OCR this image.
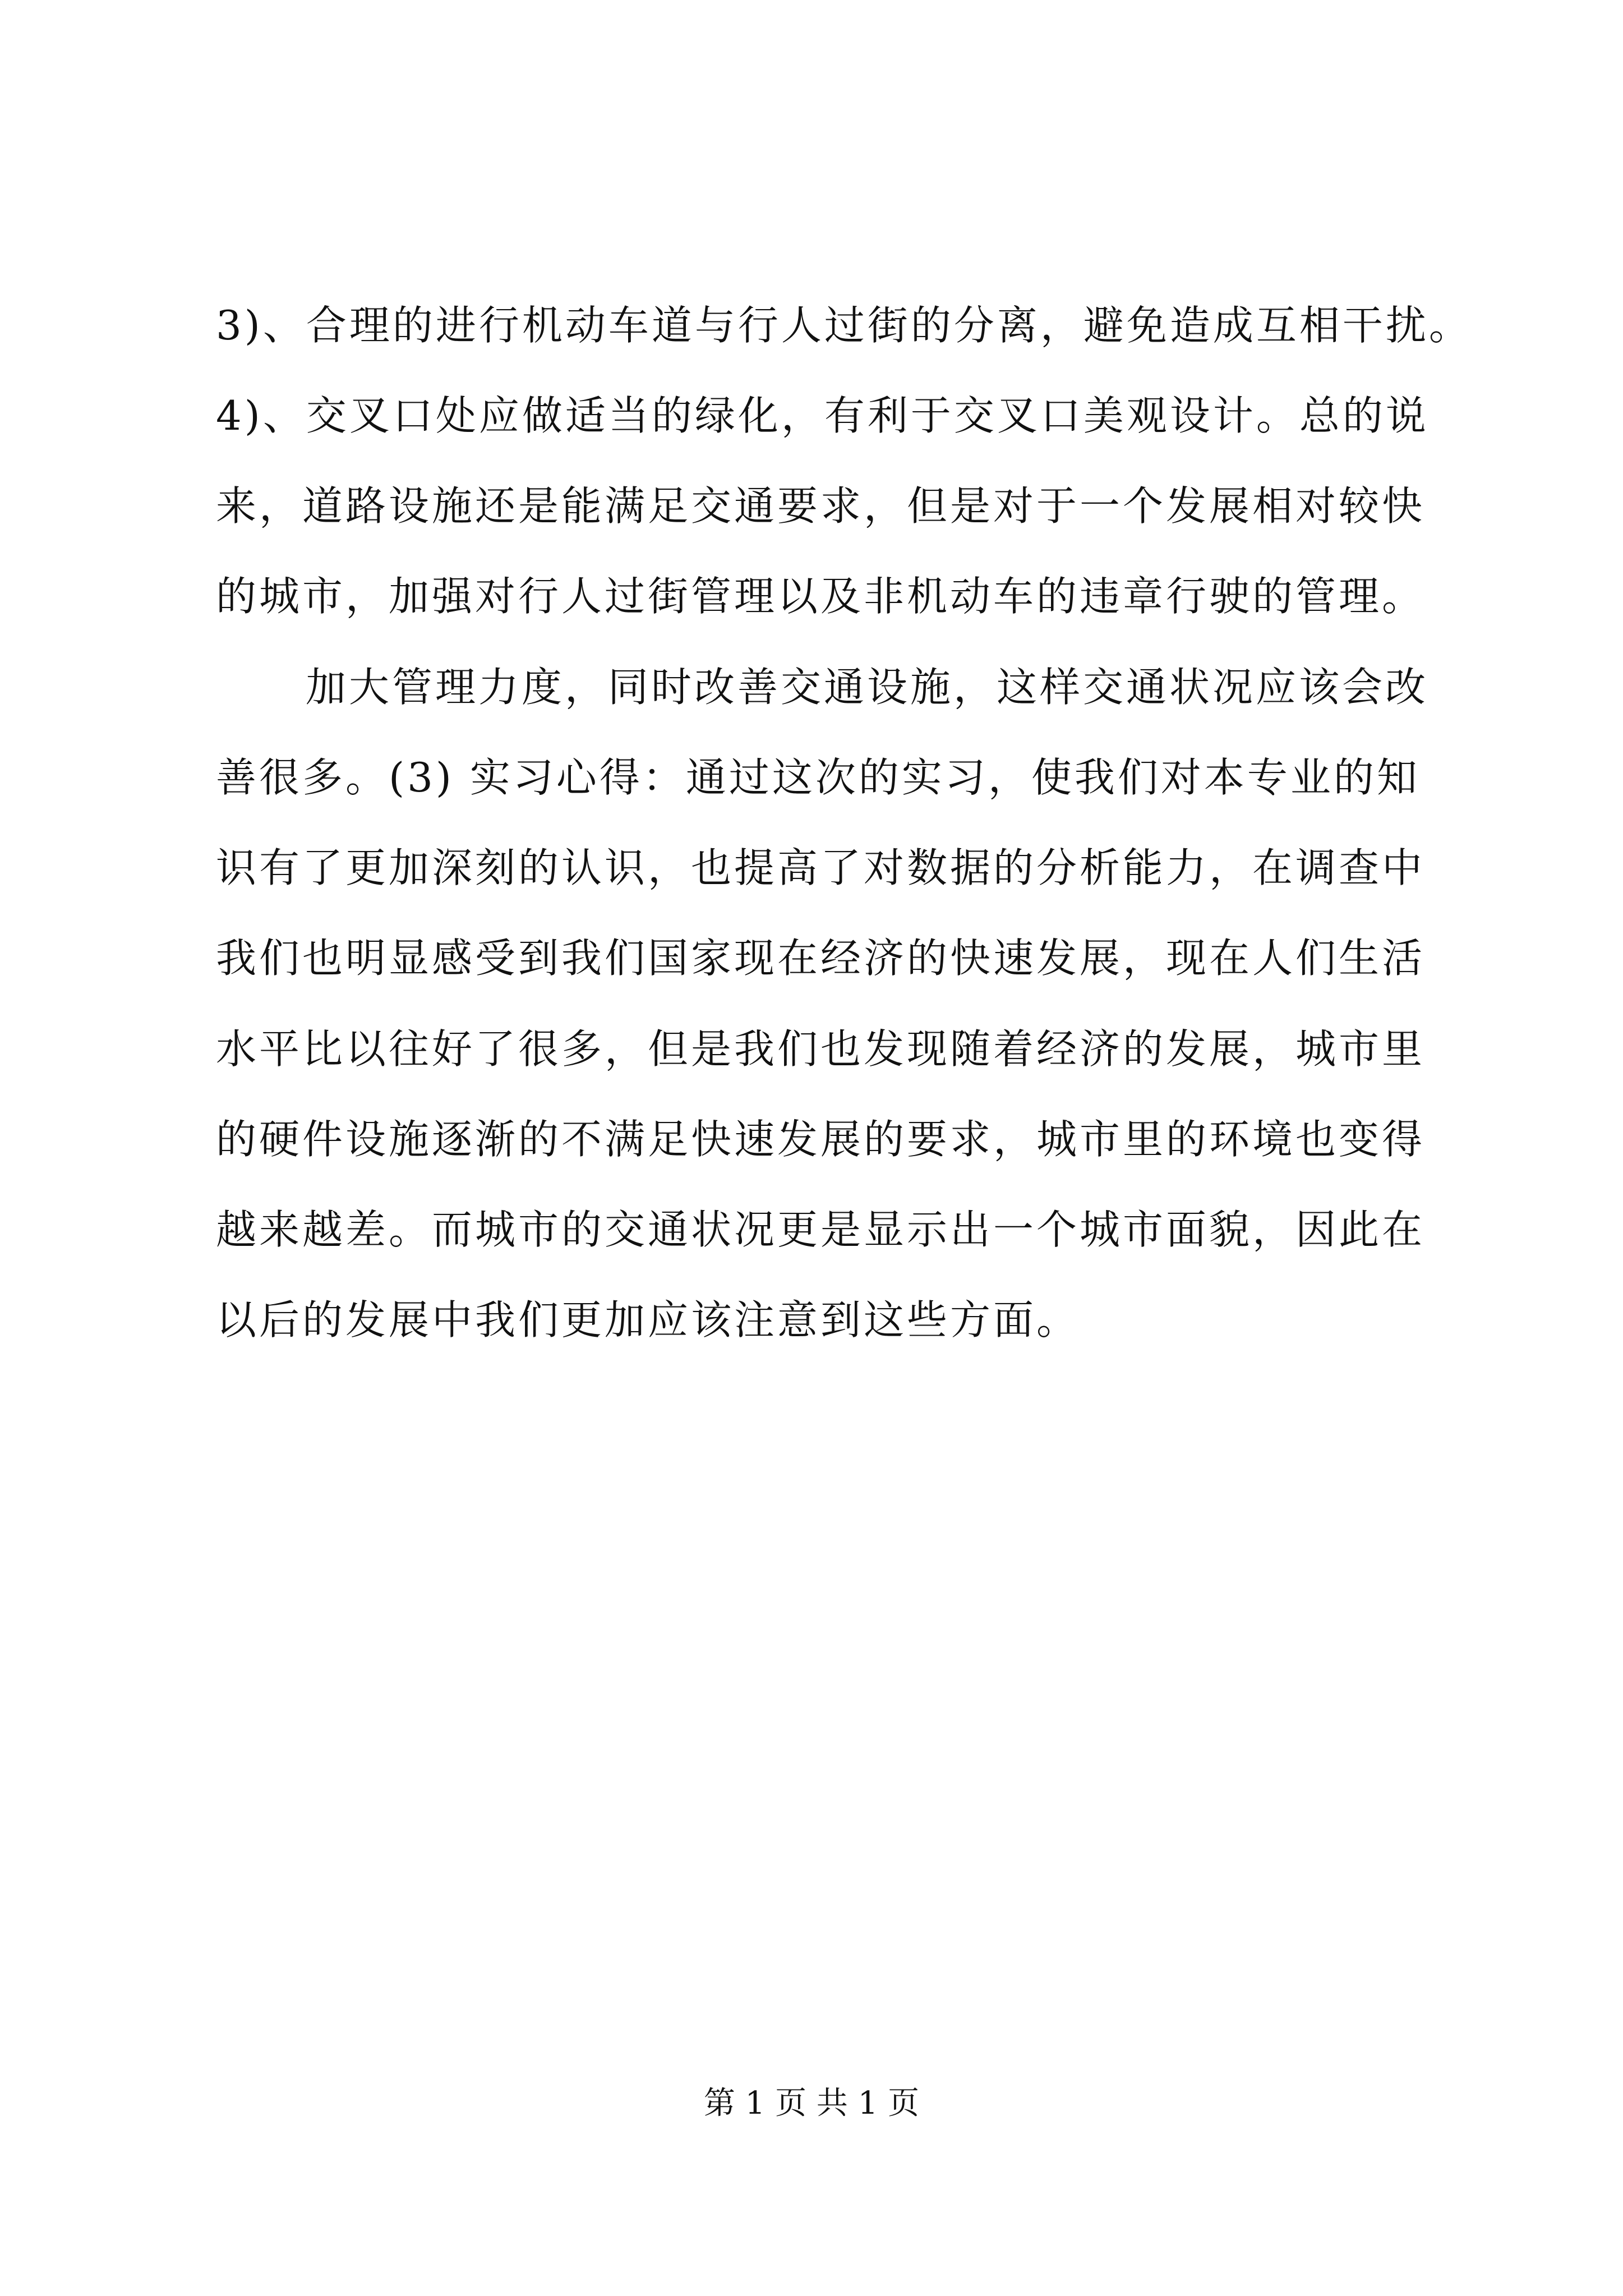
3)、合理的进行机动车道与行人过街的分离，避免造成互相干扰。
4)、交叉口处应做适当的绿化，有利于交叉口美观设计。总的说
来，道路设施还是能满足交通要求，但是对于一个发展相对较快
的城市，加强对行人过街管理以及非机动车的违章行驶的管理。
加大管理力度，同时改善交通设施，这样交通状况应该会改
善很多。(3) 实习心得：通过这次的实习，使我们对本专业的知
识有了更加深刻的认识，也提高了对数据的分析能力，在调查中
我们也明显感受到我们国家现在经济的快速发展，现在人们生活
水平比以往好了很多，但是我们也发现随着经济的发展，城市里
的硬件设施逐渐的不满足快速发展的要求，城市里的环境也变得
越来越差。而城市的交通状况更是显示出一个城市面貌，因此在
以后的发展中我们更加应该注意到这些方面。
第 1 页 共 1 页
